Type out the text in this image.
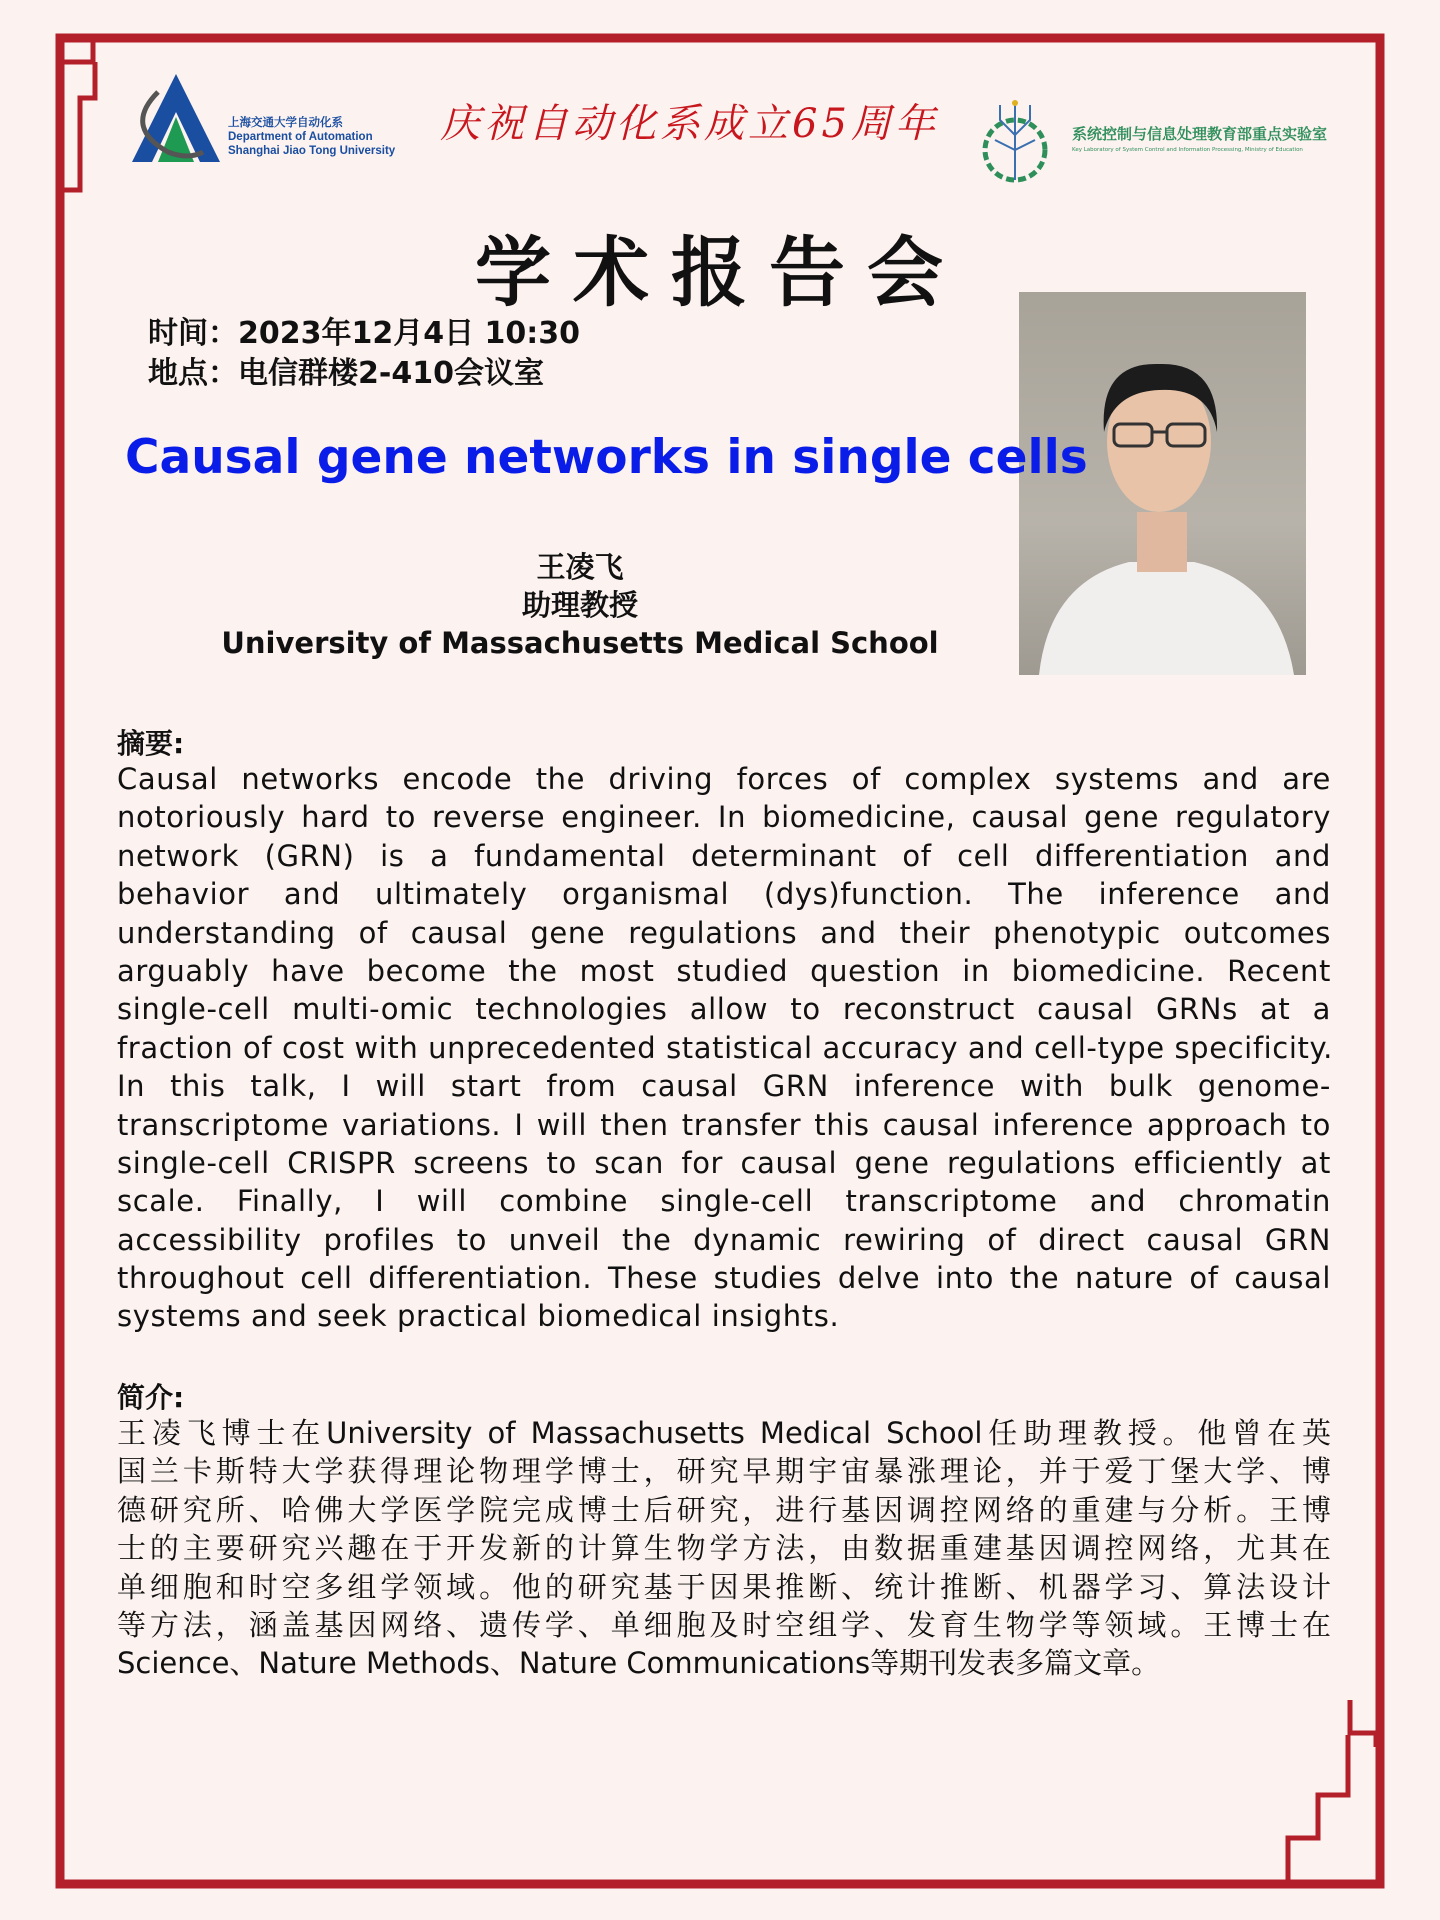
上海交通大学自动化系
Department of Automation
Shanghai Jiao Tong University
庆祝自动化系成立65周年	系统控制与信息处理教育部重点实验室
Key Laboratory of System Control and Information Processing, Ministry of Education
学术报告会
时间：2023年12月4日 10:30
地点：电信群楼2-410会议室
Causal gene networks in single cells
王凌飞
助理教授
University of Massachusetts Medical School
摘要:
Causal networks encode the driving forces of complex systems and are
notoriously hard to reverse engineer. In biomedicine, causal gene regulatory
network (GRN) is a fundamental determinant of cell differentiation and
behavior and ultimately organismal (dys)function. The inference and
understanding of causal gene regulations and their phenotypic outcomes
arguably have become the most studied question in biomedicine. Recent
single-cell multi-omic technologies allow to reconstruct causal GRNs at a
fraction of cost with unprecedented statistical accuracy and cell-type specificity.
In this talk, I will start from causal GRN inference with bulk genome-
transcriptome variations. I will then transfer this causal inference approach to
single-cell CRISPR screens to scan for causal gene regulations efficiently at
scale. Finally, I will combine single-cell transcriptome and chromatin
accessibility profiles to unveil the dynamic rewiring of direct causal GRN
throughout cell differentiation. These studies delve into the nature of causal
systems and seek practical biomedical insights.
简介:
王凌飞博士在University of Massachusetts Medical School任助理教授。他曾在英
国兰卡斯特大学获得理论物理学博士，研究早期宇宙暴涨理论，并于爱丁堡大学、博
德研究所、哈佛大学医学院完成博士后研究，进行基因调控网络的重建与分析。王博
士的主要研究兴趣在于开发新的计算生物学方法，由数据重建基因调控网络，尤其在
单细胞和时空多组学领域。他的研究基于因果推断、统计推断、机器学习、算法设计
等方法，涵盖基因网络、遗传学、单细胞及时空组学、发育生物学等领域。王博士在
Science、Nature Methods、Nature Communications等期刊发表多篇文章。
